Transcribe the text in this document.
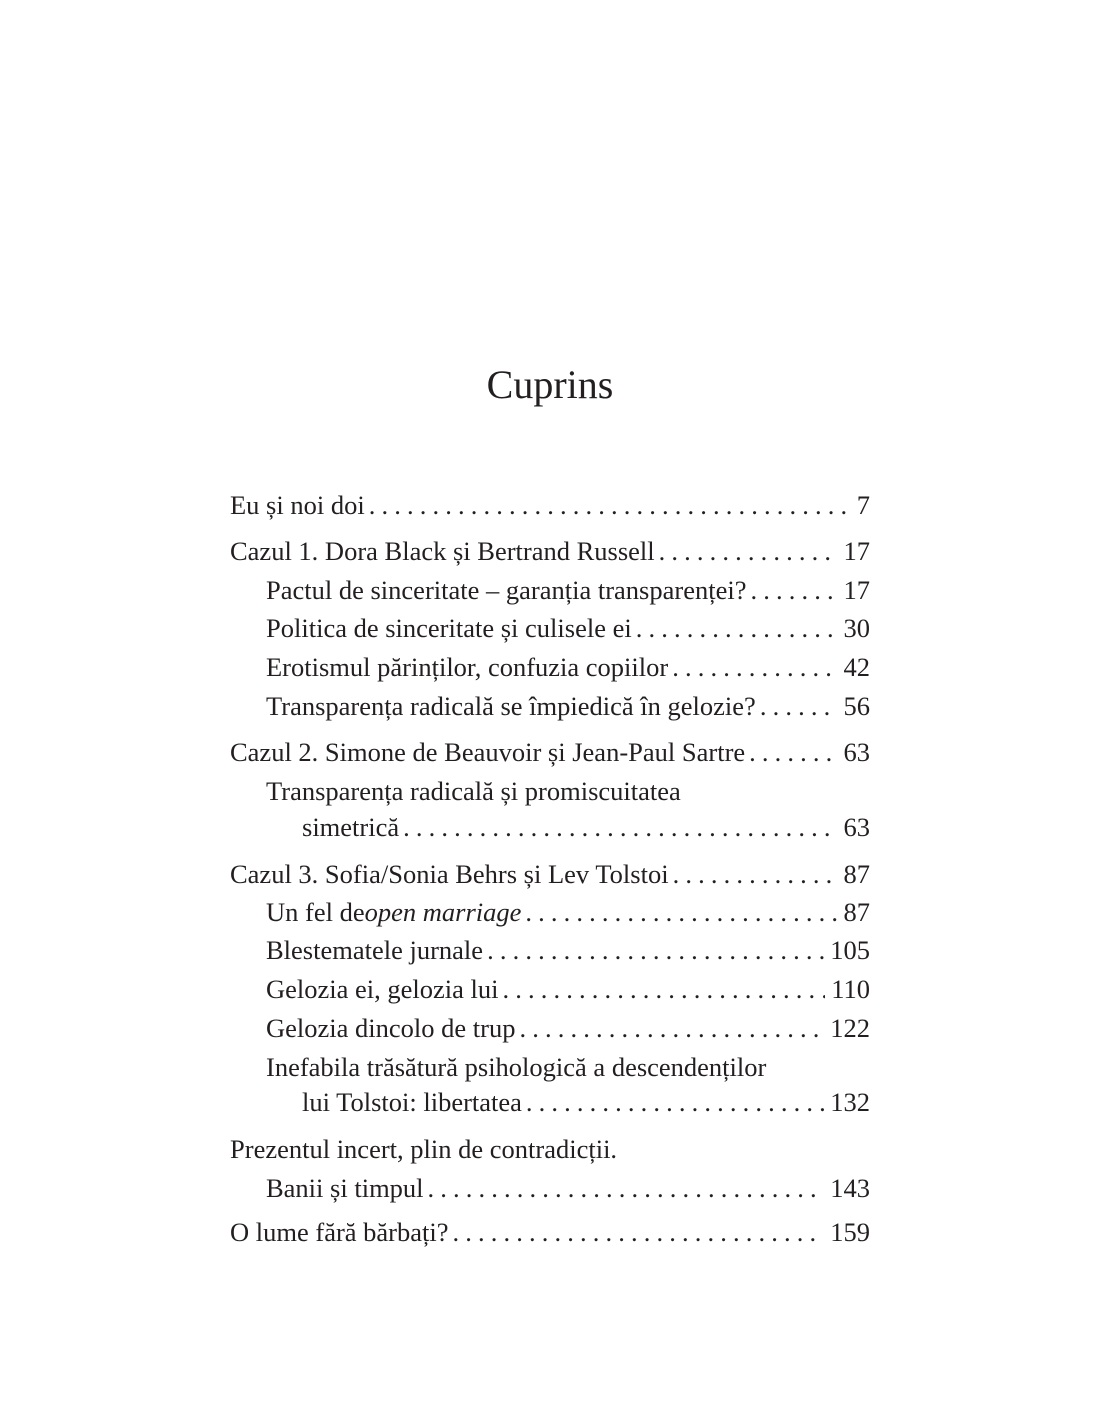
Cuprins
Eu și noi doi . . .	7
Cazul 1. Dora Black și Bertrand Russell . . .	17
Pactul de sinceritate – garanția transparenței? . . .	17
Politica de sinceritate și culisele ei . . .	30
Erotismul părinților, confuzia copiilor . . .	42
Transparența radicală se împiedică în gelozie? . . .	56
Cazul 2. Simone de Beauvoir și Jean-Paul Sartre . . .	63
Transparența radicală și promiscuitatea
simetrică . . .	63
Cazul 3. Sofia/Sonia Behrs și Lev Tolstoi . . .	87
Un fel de open marriage . . .	87
Blestematele jurnale . . .	105
Gelozia ei, gelozia lui . . .	110
Gelozia dincolo de trup . . .	122
Inefabila trăsătură psihologică a descendenților
lui Tolstoi: libertatea . . .	132
Prezentul incert, plin de contradicții.
Banii și timpul . . .	143
O lume fără bărbați? . . .	159
